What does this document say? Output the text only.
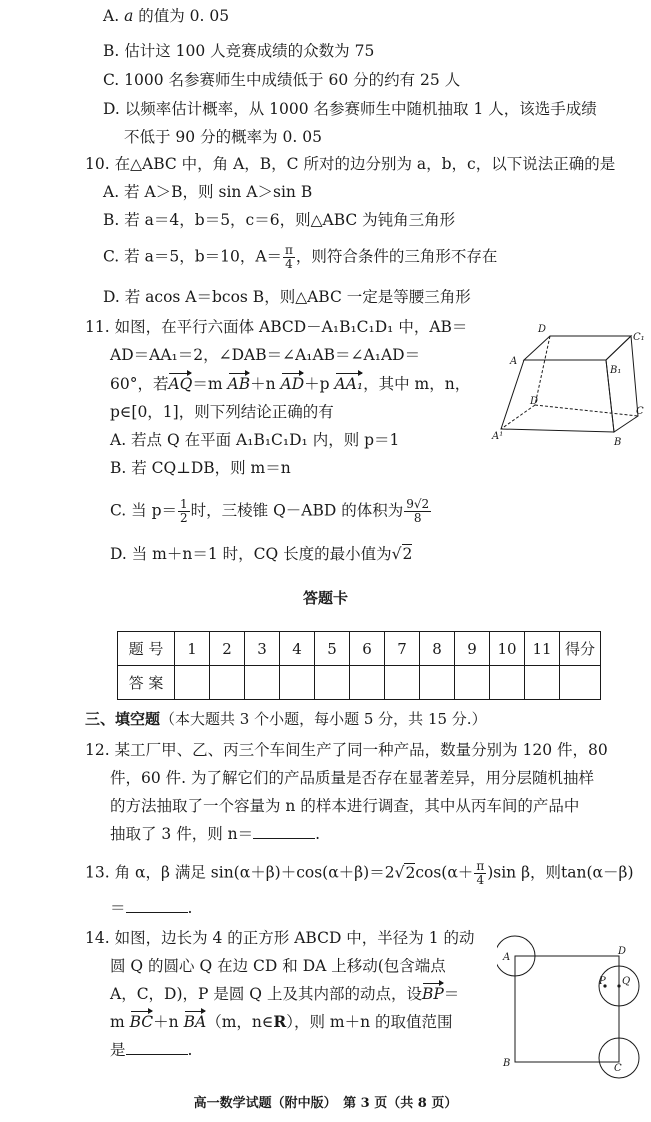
A. a 的值为 0. 05
B. 估计这 100 人竞赛成绩的众数为 75
C. 1000 名参赛师生中成绩低于 60 分的约有 25 人
D. 以频率估计概率，从 1000 名参赛师生中随机抽取 1 人，该选手成绩
不低于 90 分的概率为 0. 05
10. 在△ABC 中，角 A，B，C 所对的边分别为 a，b，c，以下说法正确的是
A. 若 A＞B，则 sin A＞sin B
B. 若 a＝4，b＝5，c＝6，则△ABC 为钝角三角形
C. 若 a＝5，b＝10，$A= \frac{\pi}{4}$ ，则符合条件的三角形不存在
D. 若 acos A＝bcos B，则△ABC 一定是等腰三角形
11. 如图，在平行六面体 ABCD－A₁B₁C₁D₁ 中，AB＝
AD＝AA₁＝2，∠DAB＝∠A₁AB＝∠A₁AD＝
60°，若AQ＝m AB＋n AD＋p AA₁，其中 m，n，
p∈[0，1]，则下列结论正确的有
A. 若点 Q 在平面 A₁B₁C₁D₁ 内，则 p＝1
B. 若 CQ⊥DB，则 m＝n
C. 当 $p= \frac{1}{2}$ 时，三棱锥 Q－ABD 的体积为 $\frac{9√2}{8}$
D. 当 m＋n＝1 时，CQ 长度的最小值为√2
D
C₁
A
B₁
D
C
A¹
B
答题卡
题 号	1	2	3	4	5	6	7	8	9	10	11	得分
答 案												
三、填空题（本大题共 3 个小题，每小题 5 分，共 15 分.）
12. 某工厂甲、乙、丙三个车间生产了同一种产品，数量分别为 120 件，80
件，60 件. 为了解它们的产品质量是否存在显著差异，用分层随机抽样
的方法抽取了一个容量为 n 的样本进行调查，其中从丙车间的产品中
抽取了 3 件，则 n＝	.
13. 角 α，β 满足 $\sin(\alpha+\beta)+\cos(\alpha+\beta)=2√2\cos(\alpha+ \frac{\pi}{4} )\sin$ β，则tan(α－β)
＝	.
14. 如图，边长为 4 的正方形 ABCD 中，半径为 1 的动
圆 Q 的圆心 Q 在边 CD 和 DA 上移动(包含端点
A，C，D)，P 是圆 Q 上及其内部的动点，设BP＝
m BC＋n BA（m，n∈R），则 m＋n 的取值范围
是	.
A
D
P Q
B	C
高一数学试题（附中版）　第 3 页（共 8 页）
